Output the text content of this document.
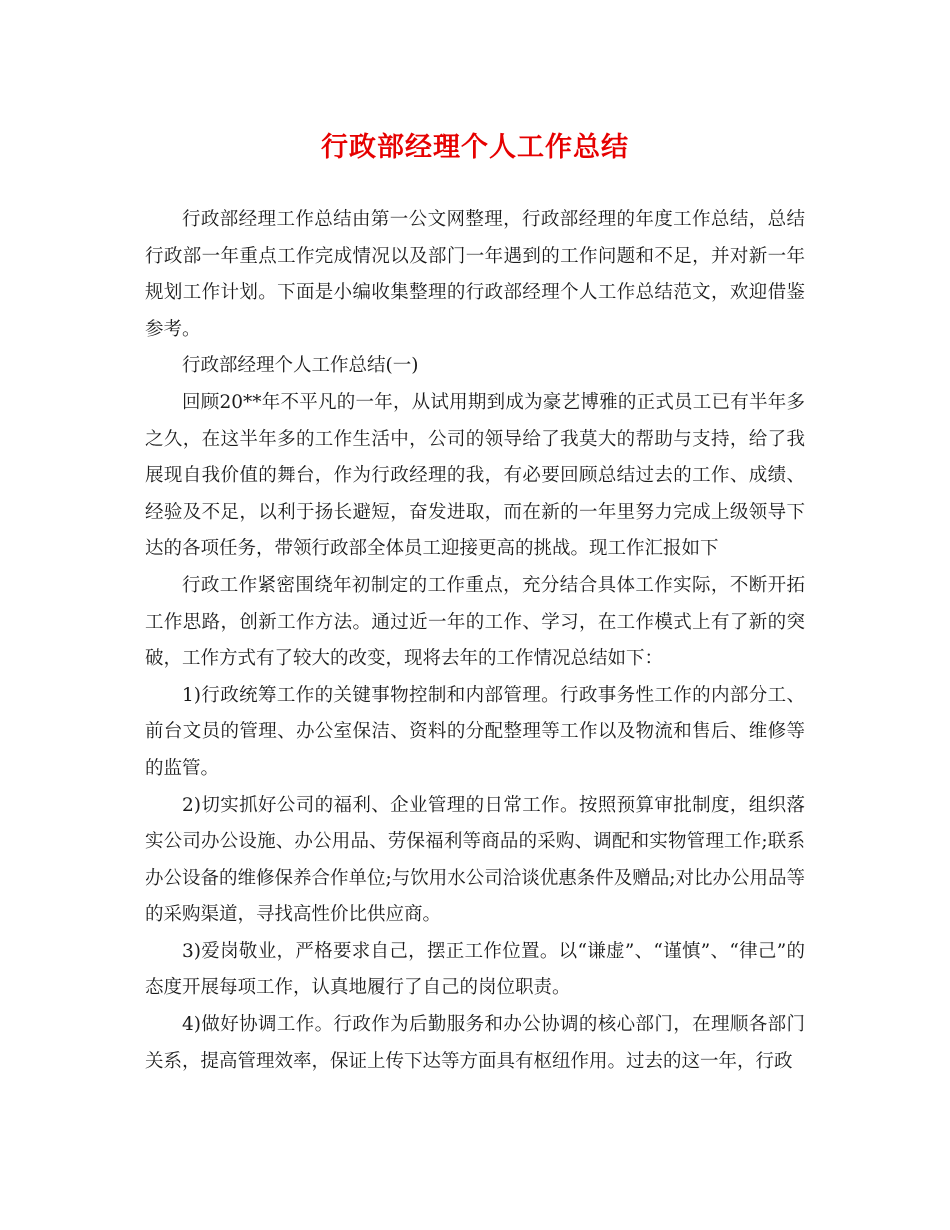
行政部经理个人工作总结

行政部经理工作总结由第一公文网整理，行政部经理的年度工作总结，总结行政部一年重点工作完成情况以及部门一年遇到的工作问题和不足，并对新一年规划工作计划。下面是小编收集整理的行政部经理个人工作总结范文，欢迎借鉴参考。

行政部经理个人工作总结(一)

回顾20**年不平凡的一年，从试用期到成为豪艺博雅的正式员工已有半年多之久，在这半年多的工作生活中，公司的领导给了我莫大的帮助与支持，给了我展现自我价值的舞台，作为行政经理的我，有必要回顾总结过去的工作、成绩、经验及不足，以利于扬长避短，奋发进取，而在新的一年里努力完成上级领导下达的各项任务，带领行政部全体员工迎接更高的挑战。现工作汇报如下

行政工作紧密围绕年初制定的工作重点，充分结合具体工作实际，不断开拓工作思路，创新工作方法。通过近一年的工作、学习，在工作模式上有了新的突破，工作方式有了较大的改变，现将去年的工作情况总结如下：

1)行政统筹工作的关键事物控制和内部管理。行政事务性工作的内部分工、前台文员的管理、办公室保洁、资料的分配整理等工作以及物流和售后、维修等的监管。

2)切实抓好公司的福利、企业管理的日常工作。按照预算审批制度，组织落实公司办公设施、办公用品、劳保福利等商品的采购、调配和实物管理工作;联系办公设备的维修保养合作单位;与饮用水公司洽谈优惠条件及赠品;对比办公用品等的采购渠道，寻找高性价比供应商。

3)爱岗敬业，严格要求自己，摆正工作位置。以“谦虚”、“谨慎”、“律己”的态度开展每项工作，认真地履行了自己的岗位职责。

4)做好协调工作。行政作为后勤服务和办公协调的核心部门，在理顺各部门关系，提高管理效率，保证上传下达等方面具有枢纽作用。过去的这一年，行政
